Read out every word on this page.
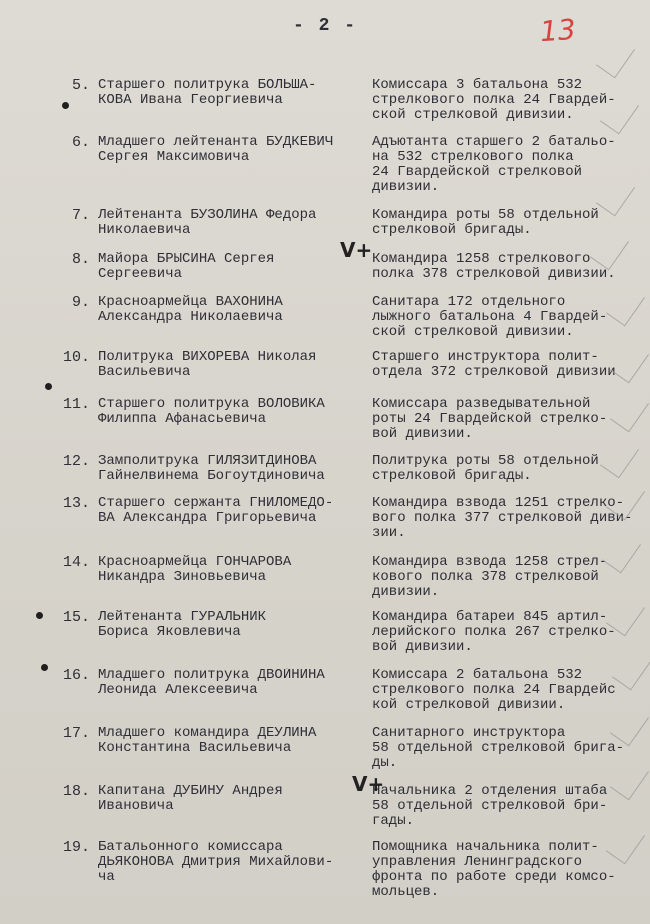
- 2 -	13
5. Старшего политрука БОЛЬША-
КОВА Ивана Георгиевича
Комиссара 3 батальона 532
стрелкового полка 24 Гвардей-
ской стрелковой дивизии.
6. Младшего лейтенанта БУДКЕВИЧ
Сергея Максимовича
Адъютанта старшего 2 батальо-
на 532 стрелкового полка
24 Гвардейской стрелковой
дивизии.
7. Лейтенанта БУЗОЛИНА Федора
Николаевича
Командира роты 58 отдельной
стрелковой бригады.
8. Майора БРЫСИНА Сергея
Сергеевича
Командира 1258 стрелкового
полка 378 стрелковой дивизии.
9. Красноармейца ВАХОНИНА
Александра Николаевича
Санитара 172 отдельного
лыжного батальона 4 Гвардей-
ской стрелковой дивизии.
10. Политрука ВИХОРЕВА Николая
Васильевича
Старшего инструктора полит-
отдела 372 стрелковой дивизии
11. Старшего политрука ВОЛОВИКА
Филиппа Афанасьевича
Комиссара разведывательной
роты 24 Гвардейской стрелко-
вой дивизии.
12. Замполитрука ГИЛЯЗИТДИНОВА
Гайнелвинема Богоутдиновича
Политрука роты 58 отдельной
стрелковой бригады.
13. Старшего сержанта ГНИЛОМЕДО-
ВА Александра Григорьевича
Командира взвода 1251 стрелко-
вого полка 377 стрелковой диви-
зии.
14. Красноармейца ГОНЧАРОВА
Никандра Зиновьевича
Командира взвода 1258 стрел-
кового полка 378 стрелковой
дивизии.
15. Лейтенанта ГУРАЛЬНИК
Бориса Яковлевича
Командира батареи 845 артил-
лерийского полка 267 стрелко-
вой дивизии.
16. Младшего политрука ДВОЙНИНА
Леонида Алексеевича
Комиссара 2 батальона 532
стрелкового полка 24 Гвардейс
кой стрелковой дивизии.
17. Младшего командира ДЕУЛИНА
Константина Васильевича
Санитарного инструктора
58 отдельной стрелковой брига-
ды.
18. Капитана ДУБИНУ Андрея
Ивановича
Начальника 2 отделения штаба
58 отдельной стрелковой бри-
гады.
19. Батальонного комиссара
ДЬЯКОНОВА Дмитрия Михайлови-
ча
Помощника начальника полит-
управления Ленинградского
фронта по работе среди комсо-
мольцев.
V+
V+
